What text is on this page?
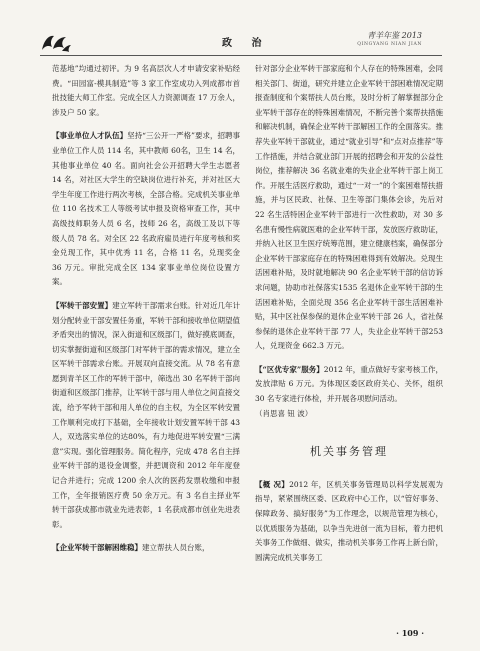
政 治
青羊年鉴 2013
QINGYANG NIAN JIAN

范基地”均通过初评。为 9 名高层次人才申请安家补贴经费。“田园富-模具制造”等 3 家工作室成功入列成都市首批技能大师工作室。完成全区人力资源调查 17 万余人，涉及户 50 家。

【事业单位人才队伍】坚持“三公开一严格”要求，招聘事业单位工作人员 114 名，其中教师 60名，卫生 14 名，其他事业单位 40 名。面向社会公开招聘大学生志愿者 14 名，对社区大学生的空缺岗位进行补充，并对社区大学生年度工作进行两次考核，全部合格。完成机关事业单位 110 名技术工人等级考试申报及资格审查工作，其中高级技师职务人员 6 名，技师 26 名，高级工及以下等级人员 78 名。对全区 22 名政府雇员进行年度考核和奖金兑现工作，其中优秀 11 名，合格 11 名，兑现奖金 36 万元。审批完成全区 134 家事业单位岗位设置方案。

【军转干部安置】建立军转干部需求台账。针对近几年计划分配转业干部安置任务重，军转干部和接收单位期望值矛盾突出的情况，深入街道和区级部门，做好摸底调查，切实掌握街道和区级部门对军转干部的需求情况，建立全区军转干部需求台账。开展双向直接交流。从 78 名有意愿到青羊区工作的军转干部中，筛选出 30 名军转干部向街道和区级部门推荐，让军转干部与用人单位之间直接交流，给予军转干部和用人单位的自主权，为全区军转安置工作顺利完成打下基础，全年接收计划安置军转干部 43 人，双选落实单位的达80%，有力地促进军转安置“三满意”实现。强化管理服务。简化程序，完成 478 名自主择业军转干部的退役金调整，并把调资和 2012 年年度登记合并进行；完成 1200 余人次的医药发票收缴和申报工作，全年报销医疗费 50 余万元。有 3 名自主择业军转干部获成都市就业先进表彰，1 名获成都市创业先进表彰。

【企业军转干部解困维稳】建立帮扶人员台账，

针对部分企业军转干部家庭和个人存在的特殊困难，会同相关部门、街道，研究并建立企业军转干部困难情况定期报查制度和个案帮扶人员台账，及时分析了解掌握部分企业军转干部存在的特殊困难情况，不断完善个案帮扶措施和解决机制，确保企业军转干部解困工作的全面落实。推荐失业军转干部就业，通过“就业引导”和“点对点推荐”等工作措施，并结合就业部门开展的招聘会和开发的公益性岗位，推荐解决 36 名就业难的失业企业军转干部上岗工作。开展生活医疗救助，通过“一对一”的个案困难帮扶措施，并与区民政、社保、卫生等部门集体会诊，先后对 22 名生活特困企业军转干部进行一次性救助，对 30 多名患有慢性病就医难的企业军转干部，发放医疗救助证，并纳入社区卫生医疗统筹范围，建立健康档案，确保部分企业军转干部家庭存在的特殊困难得到有效解决。兑现生活困难补贴，及时就地解决 90 名企业军转干部的信访诉求问题，协助市社保落实1535 名退休企业军转干部的生活困难补贴，全面兑现 356 名企业军转干部生活困难补贴，其中区社保参保的退休企业军转干部 26 人，省社保参保的退休企业军转干部 77 人，失业企业军转干部253 人，兑现资金 662.3 万元。

【“区优专家”服务】2012 年，重点做好专家考核工作，发放津贴 6 万元。为体现区委区政府关心、关怀，组织 30 名专家进行体检，并开展各项慰问活动。

（肖思喜 钮 波）

机关事务管理

【概 况】2012 年，区机关事务管理局以科学发展观为指导，紧紧围绕区委、区政府中心工作，以“管好事务、保障政务、搞好服务”为工作理念，以规范管理为核心，以优质服务为基础，以争当先进创一流为目标，着力把机关事务工作做细、做实，推动机关事务工作再上新台阶，圆满完成机关事务工

· 109 ·
